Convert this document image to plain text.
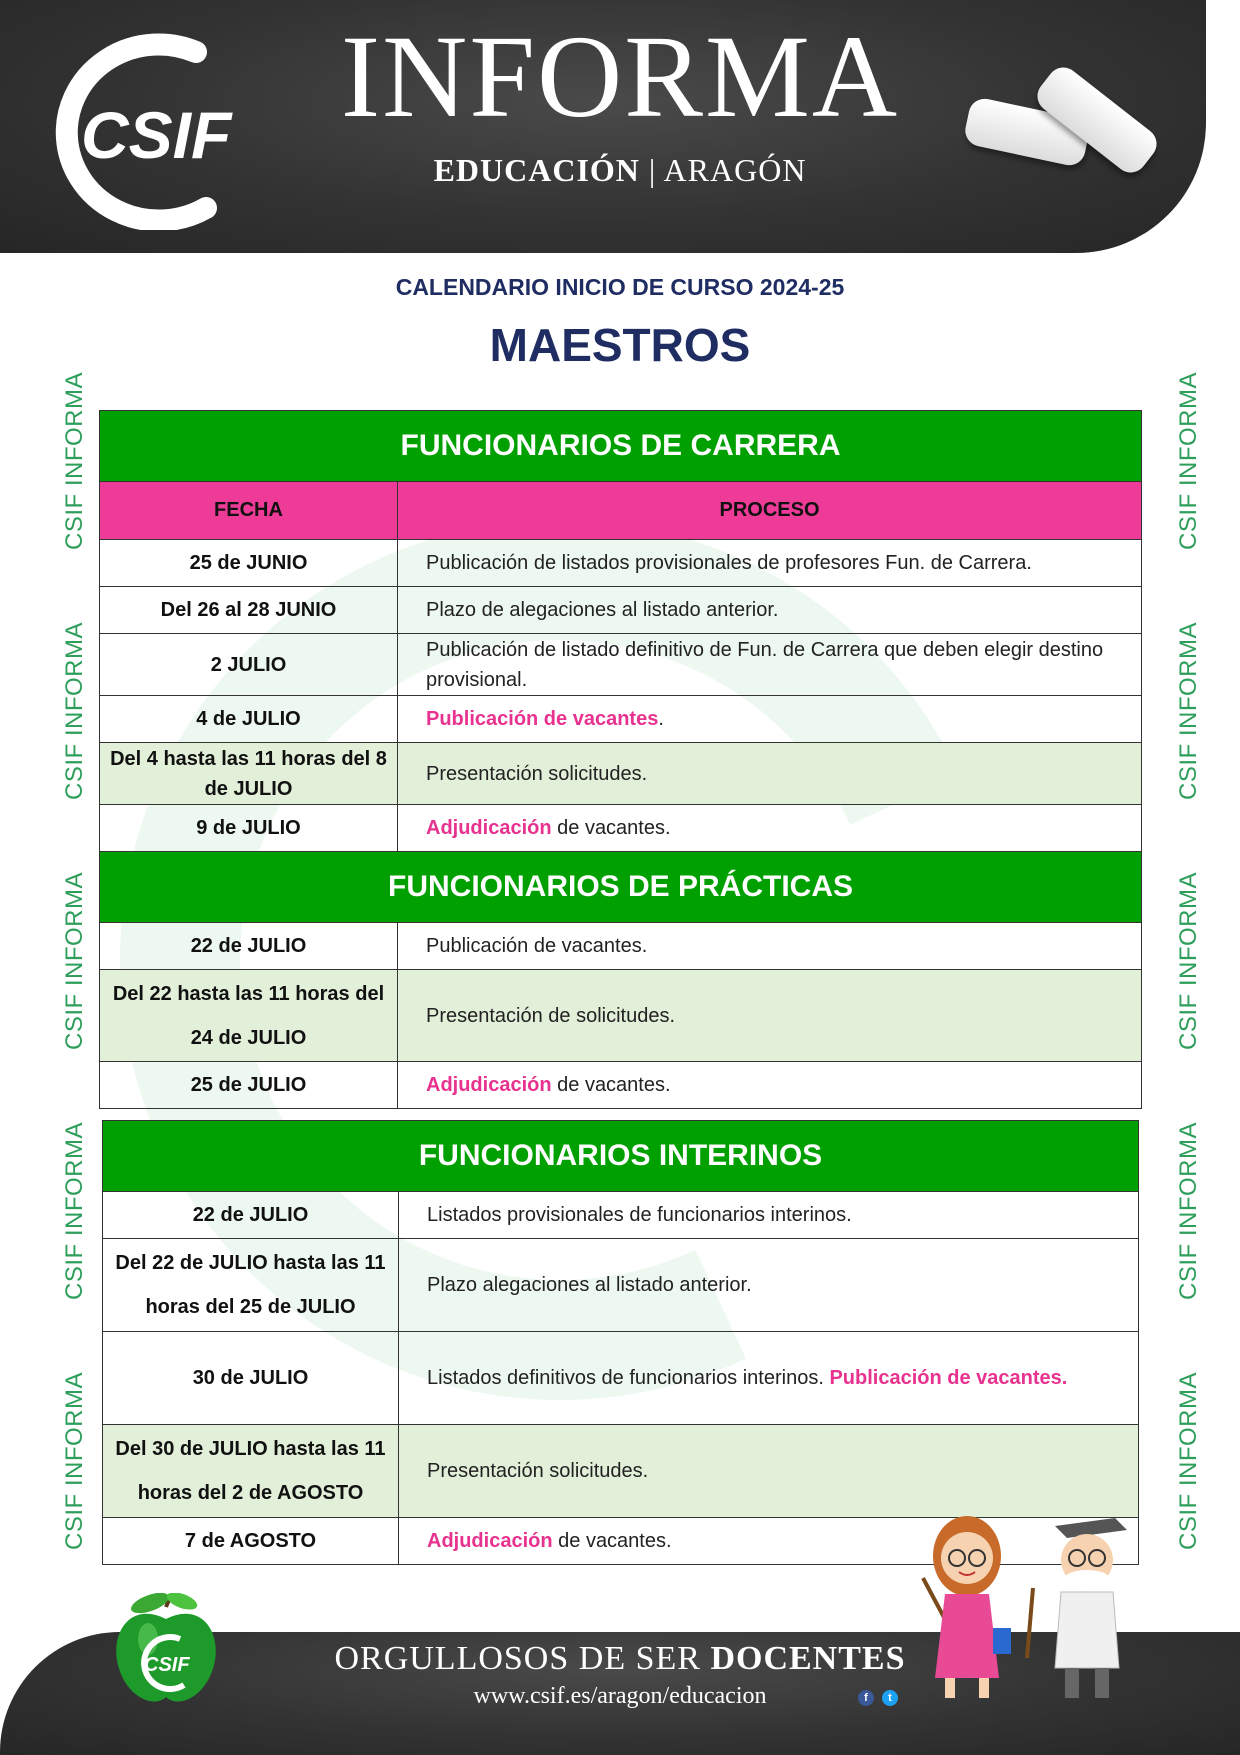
CSIF INFORMA
EDUCACIÓN | ARAGÓN
CALENDARIO INICIO DE CURSO 2024-25
MAESTROS
CSIF INFORMA
CSIF INFORMA
CSIF INFORMA
CSIF INFORMA
CSIF INFORMA
CSIF INFORMA
CSIF INFORMA
CSIF INFORMA
CSIF INFORMA
CSIF INFORMA
FUNCIONARIOS DE CARRERA	
FECHA	PROCESO
25 de JUNIO	Publicación de listados provisionales de profesores Fun. de Carrera.
Del 26 al 28 JUNIO	Plazo de alegaciones al listado anterior.
2 JULIO	Publicación de listado definitivo de Fun. de Carrera que deben elegir destino provisional.
4 de JULIO	Publicación de vacantes.
Del 4 hasta las 11 horas del 8 de JULIO	Presentación solicitudes.
9 de JULIO	Adjudicación de vacantes.
FUNCIONARIOS DE PRÁCTICAS	
22 de JULIO	Publicación de vacantes.
Del 22 hasta las 11 horas del 24 de JULIO	Presentación de solicitudes.
25 de JULIO	Adjudicación de vacantes.
FUNCIONARIOS INTERINOS	
22 de JULIO	Listados provisionales de funcionarios interinos.
Del 22 de JULIO hasta las 11 horas del 25 de JULIO	Plazo alegaciones al listado anterior.
30 de JULIO	Listados definitivos de funcionarios interinos. Publicación de vacantes.
Del 30 de JULIO hasta las 11 horas del 2 de AGOSTO	Presentación solicitudes.
7 de AGOSTO	Adjudicación de vacantes.
CSIF	ORGULLOSOS DE SER DOCENTES
www.csif.es/aragon/educacion	f	t
